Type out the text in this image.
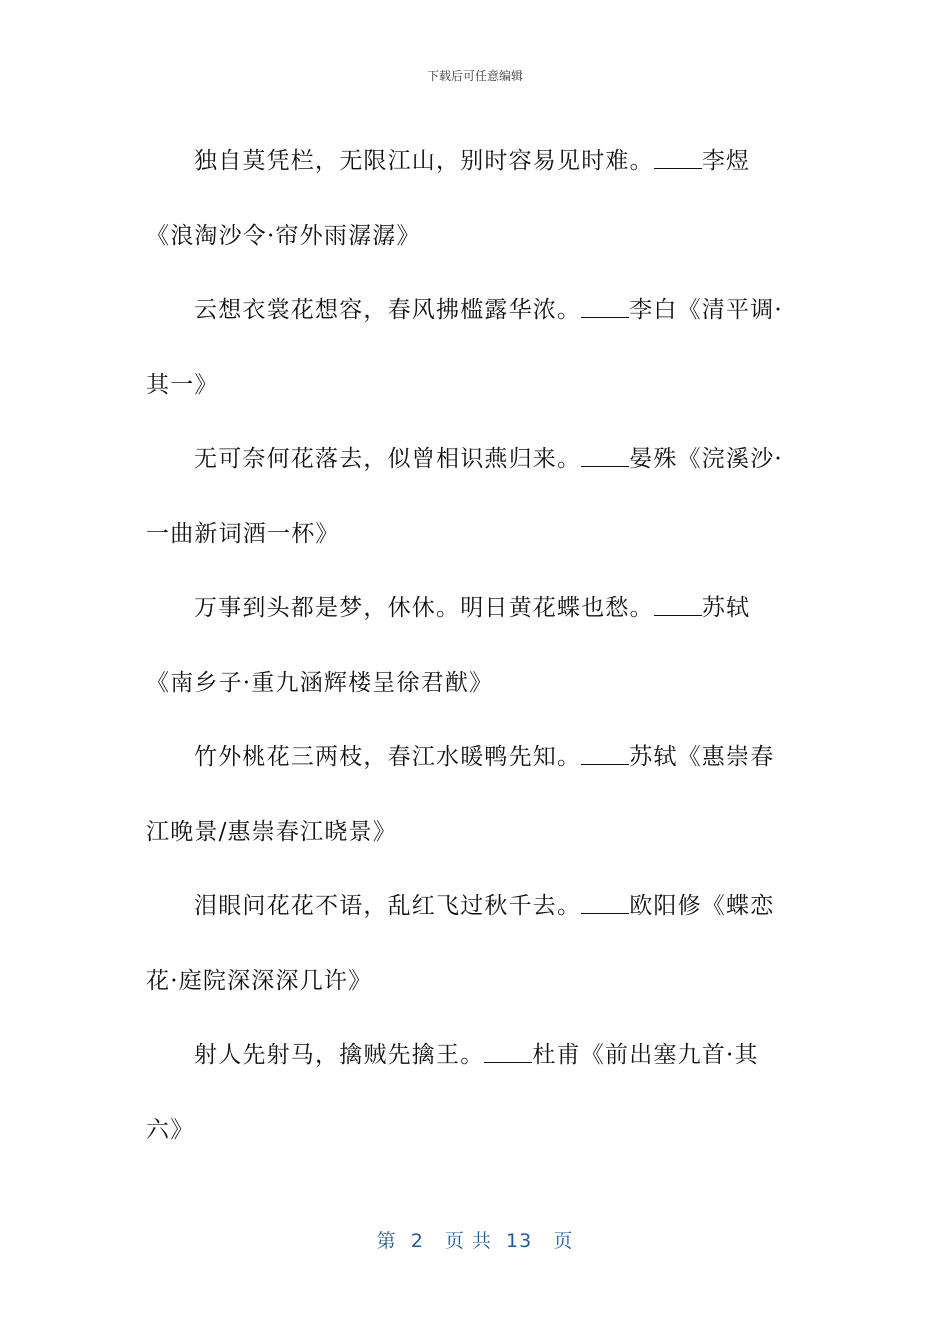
下载后可任意编辑

独自莫凭栏，无限江山，别时容易见时难。 李煜《浪淘沙令·帘外雨潺潺》

云想衣裳花想容，春风拂槛露华浓。 李白《清平调·其一》

无可奈何花落去，似曾相识燕归来。 晏殊《浣溪沙·一曲新词酒一杯》

万事到头都是梦，休休。明日黄花蝶也愁。 苏轼《南乡子·重九涵辉楼呈徐君猷》

竹外桃花三两枝，春江水暖鸭先知。 苏轼《惠崇春江晚景/惠崇春江晓景》

泪眼问花花不语，乱红飞过秋千去。 欧阳修《蝶恋花·庭院深深深几许》

射人先射马，擒贼先擒王。 杜甫《前出塞九首·其六》

第  2   页 共  13   页
